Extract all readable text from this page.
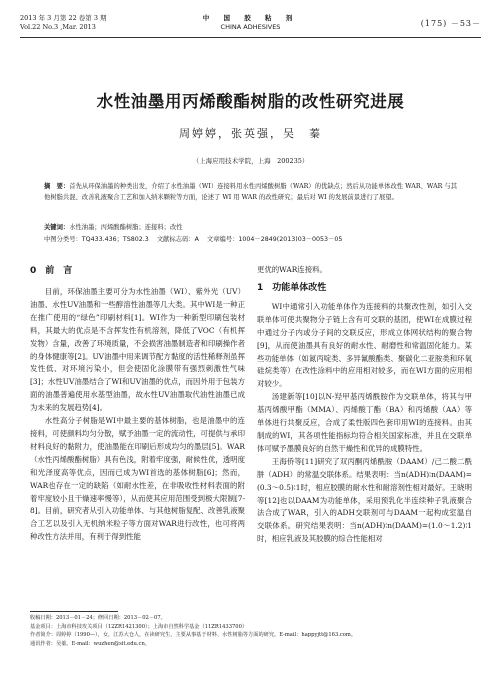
2013 年 3 月第 22 卷第 3 期
Vol.22 No.3 ,Mar. 2013
中 国 胶 粘 剂
CHINA ADHESIVES	(175) －53－
水性油墨用丙烯酸酯树脂的改性研究进展
周婷婷，张英强，吴　蓁
（上海应用技术学院，上海　200235）
摘　要：首先从环保油墨的种类出发，介绍了水性油墨（WI）连接料用水性丙烯酸树脂（WAR）的优缺点；然后从功能单体改性 WAR、WAR 与其他树脂共混、改善乳液聚合工艺和加入纳米颗粒等方面，论述了 WI 用 WAR 的改性研究；最后对 WI 的发展前景进行了展望。
关键词：水性油墨；丙烯酸酯树脂；连接料；改性
中图分类号：TQ433.436；TS802.3 文献标志码：A 文章编号：1004－2849(2013)03－0053－05
0　前　言

目前，环保油墨主要可分为水性油墨（WI）、紫外光（UV）油墨、水性UV油墨和一些醇溶性油墨等几大类。其中WI是一种正在推广使用的“绿色”印刷材料[1]。WI作为一种新型印刷包装材料，其最大的优点是不含挥发性有机溶剂，降低了VOC（有机挥发物）含量，改善了环境质量，不会损害油墨制造者和印刷操作者的身体健康等[2]。UV油墨中用来调节配方黏度的活性稀释剂虽挥发性低、对环境污染小，但会使固化涂膜带有强烈刺激性气味[3]；水性UV油墨结合了WI和UV油墨的优点，而因外用于包装方面的油墨普遍使用水基型油墨，故水性UV油墨取代油性油墨已成为未来的发展趋势[4]。

水性高分子树脂是WI中最主要的基体树脂，也是油墨中的连接料，可使颜料均匀分散，赋予油墨一定的流动性，可提供与承印材料良好的黏附力，使油墨能在印刷后形成均匀的墨层[5]。WAR（水性丙烯酸酯树脂）具有色浅，附着牢度强，耐候性优，透明度和光泽度高等优点，因而已成为WI首选的基体树脂[6]；然而，WAR也存在一定的缺陷（如耐水性差，在非吸收性材料表面的附着牢度较小且干燥速率慢等），从而使其应用范围受到极大限制[7-8]。目前，研究者从引入功能单体、与其他树脂复配、改善乳液聚合工艺以及引入无机纳米粒子等方面对WAR进行改性，也可将两种改性方法并用，有利于得到性能

更优的WAR连接料。

1　功能单体改性

WI中通常引入功能单体作为连接料的共聚改性剂，如引入交联单体可使共聚物分子链上含有可交联的基团，使WI在成膜过程中通过分子内或分子间的交联反应，形成立体网状结构的聚合物[9]，从而使油墨具有良好的耐水性、耐磨性和常温固化能力。某些功能单体（如氮丙啶类、多异氰酸酯类、聚碳化二亚胺类和环氧硅烷类等）在改性涂料中的应用相对较多，而在WI方面的应用相对较少。

汤建新等[10]以N-羟甲基丙烯酰胺作为交联单体，将其与甲基丙烯酸甲酯（MMA）、丙烯酸丁酯（BA）和丙烯酸（AA）等单体进行共聚反应，合成了柔性版四色套印用WI的连接料。由其制成的WI，其各项性能指标均符合相关国家标准，并且在交联单体可赋予墨膜良好的自然干燥性和优异的成膜特性。

王海侨等[11]研究了双丙酮丙烯酰胺（DAAM）/己二酸二酰肼（ADH）的常温交联体系。结果表明：当n(ADH)∶n(DAAM)=(0.3～0.5)∶1时，相应胶膜的耐水性和耐溶剂性相对最好。王晓明等[12]也以DAAM为功能单体，采用预乳化半连续种子乳液聚合法合成了WAR，引入的ADH交联剂可与DAAM一起构成室温自交联体系。研究结果表明：当n(ADH)∶n(DAAM)=(1.0～1.2)∶1时，相应乳液及其胶膜的综合性能相对

收稿日期：2013－01－24；修回日期：2013－02－07。
基金项目：上海市科技攻关项目（12ZR1421300）；上海市自然科学基金（11ZR1433700）
作者简介：周婷婷（1990—），女，江苏大仓人，在读研究生，主要从事基于材料、水性树脂等方面的研究。E-mail：happyjtt@163.com。
通讯作者：吴蓁。E-mail：wuzhen@sit.edu.cn。
